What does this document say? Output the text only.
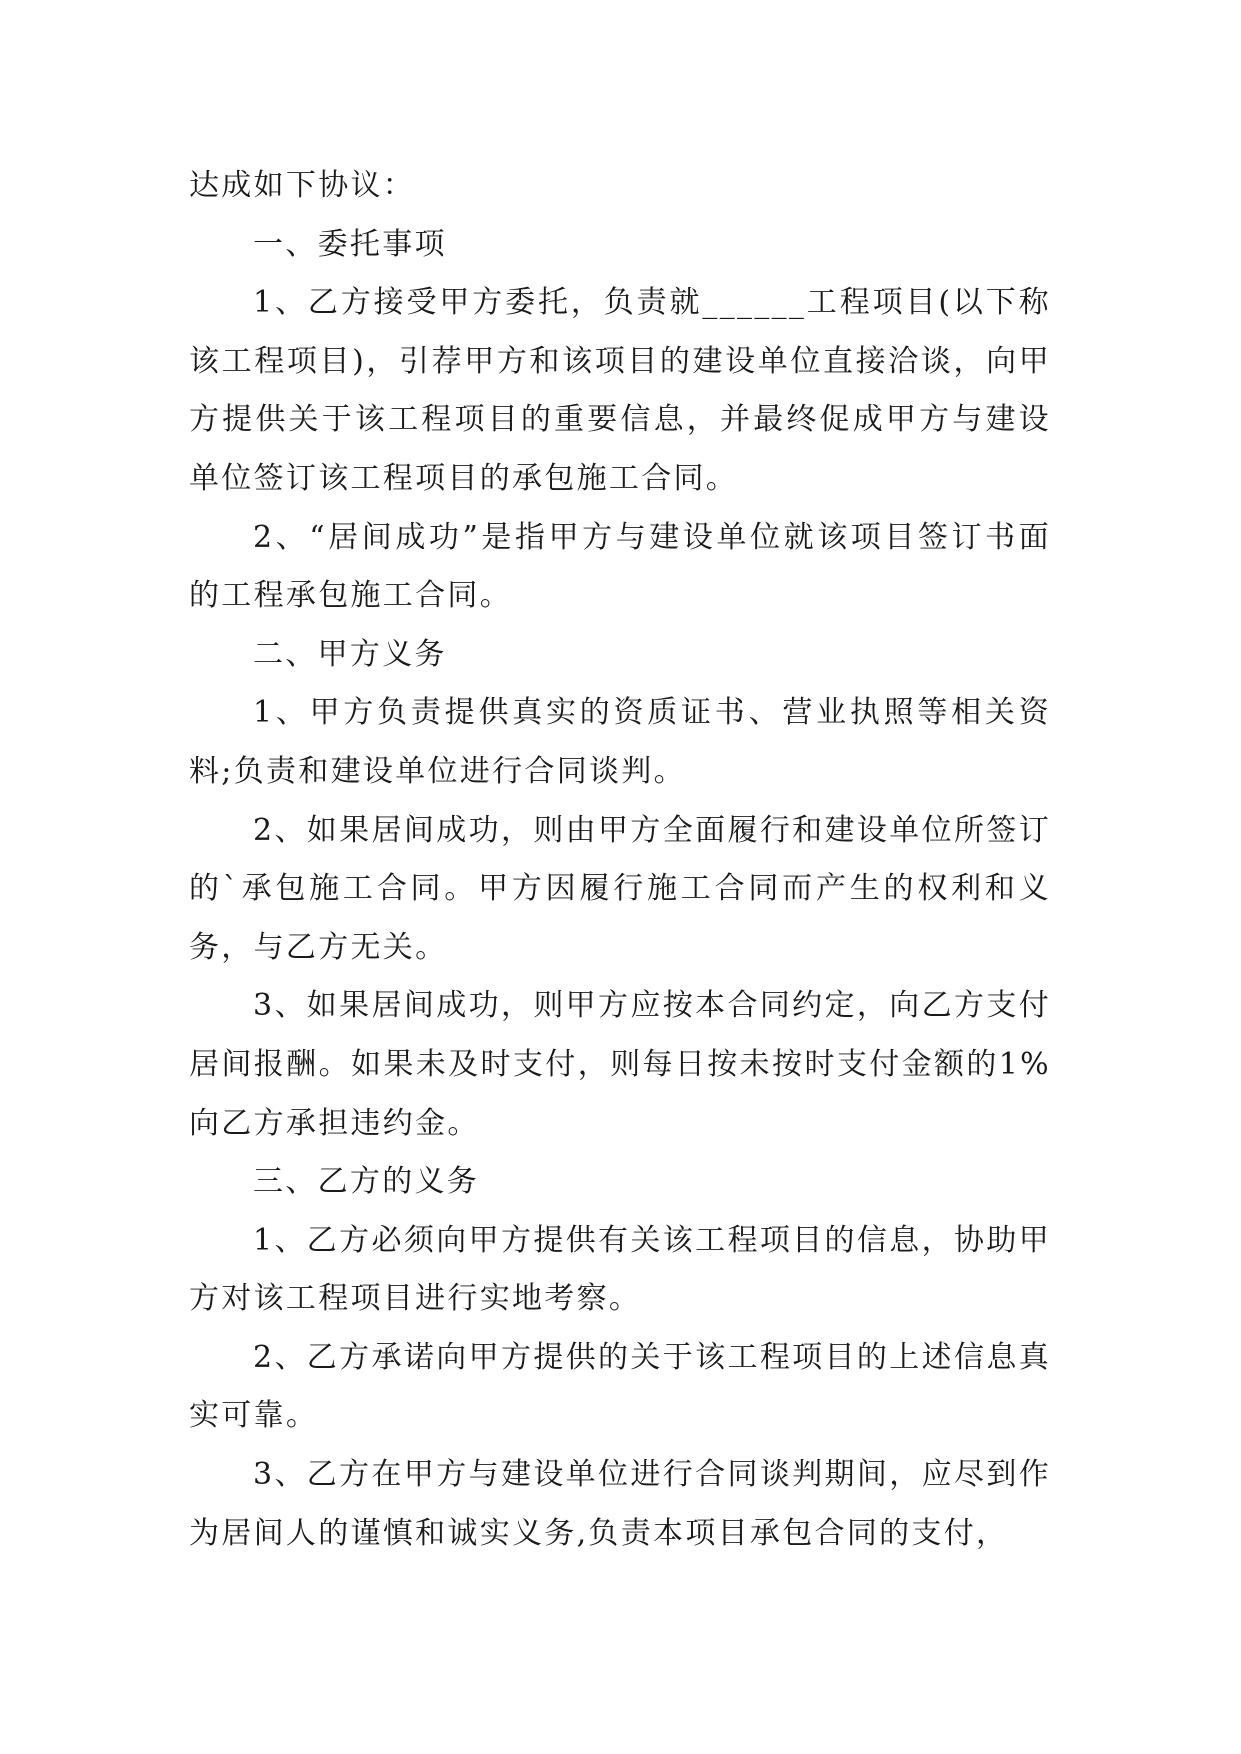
达成如下协议：

一、委托事项

1、乙方接受甲方委托，负责就______工程项目(以下称该工程项目)，引荐甲方和该项目的建设单位直接洽谈，向甲方提供关于该工程项目的重要信息，并最终促成甲方与建设单位签订该工程项目的承包施工合同。

2、“居间成功”是指甲方与建设单位就该项目签订书面的工程承包施工合同。

二、甲方义务

1、甲方负责提供真实的资质证书、营业执照等相关资料;负责和建设单位进行合同谈判。

2、如果居间成功，则由甲方全面履行和建设单位所签订的`承包施工合同。甲方因履行施工合同而产生的权利和义务，与乙方无关。

3、如果居间成功，则甲方应按本合同约定，向乙方支付居间报酬。如果未及时支付，则每日按未按时支付金额的1%向乙方承担违约金。

三、乙方的义务

1、乙方必须向甲方提供有关该工程项目的信息，协助甲方对该工程项目进行实地考察。

2、乙方承诺向甲方提供的关于该工程项目的上述信息真实可靠。

3、乙方在甲方与建设单位进行合同谈判期间，应尽到作为居间人的谨慎和诚实义务,负责本项目承包合同的支付，
